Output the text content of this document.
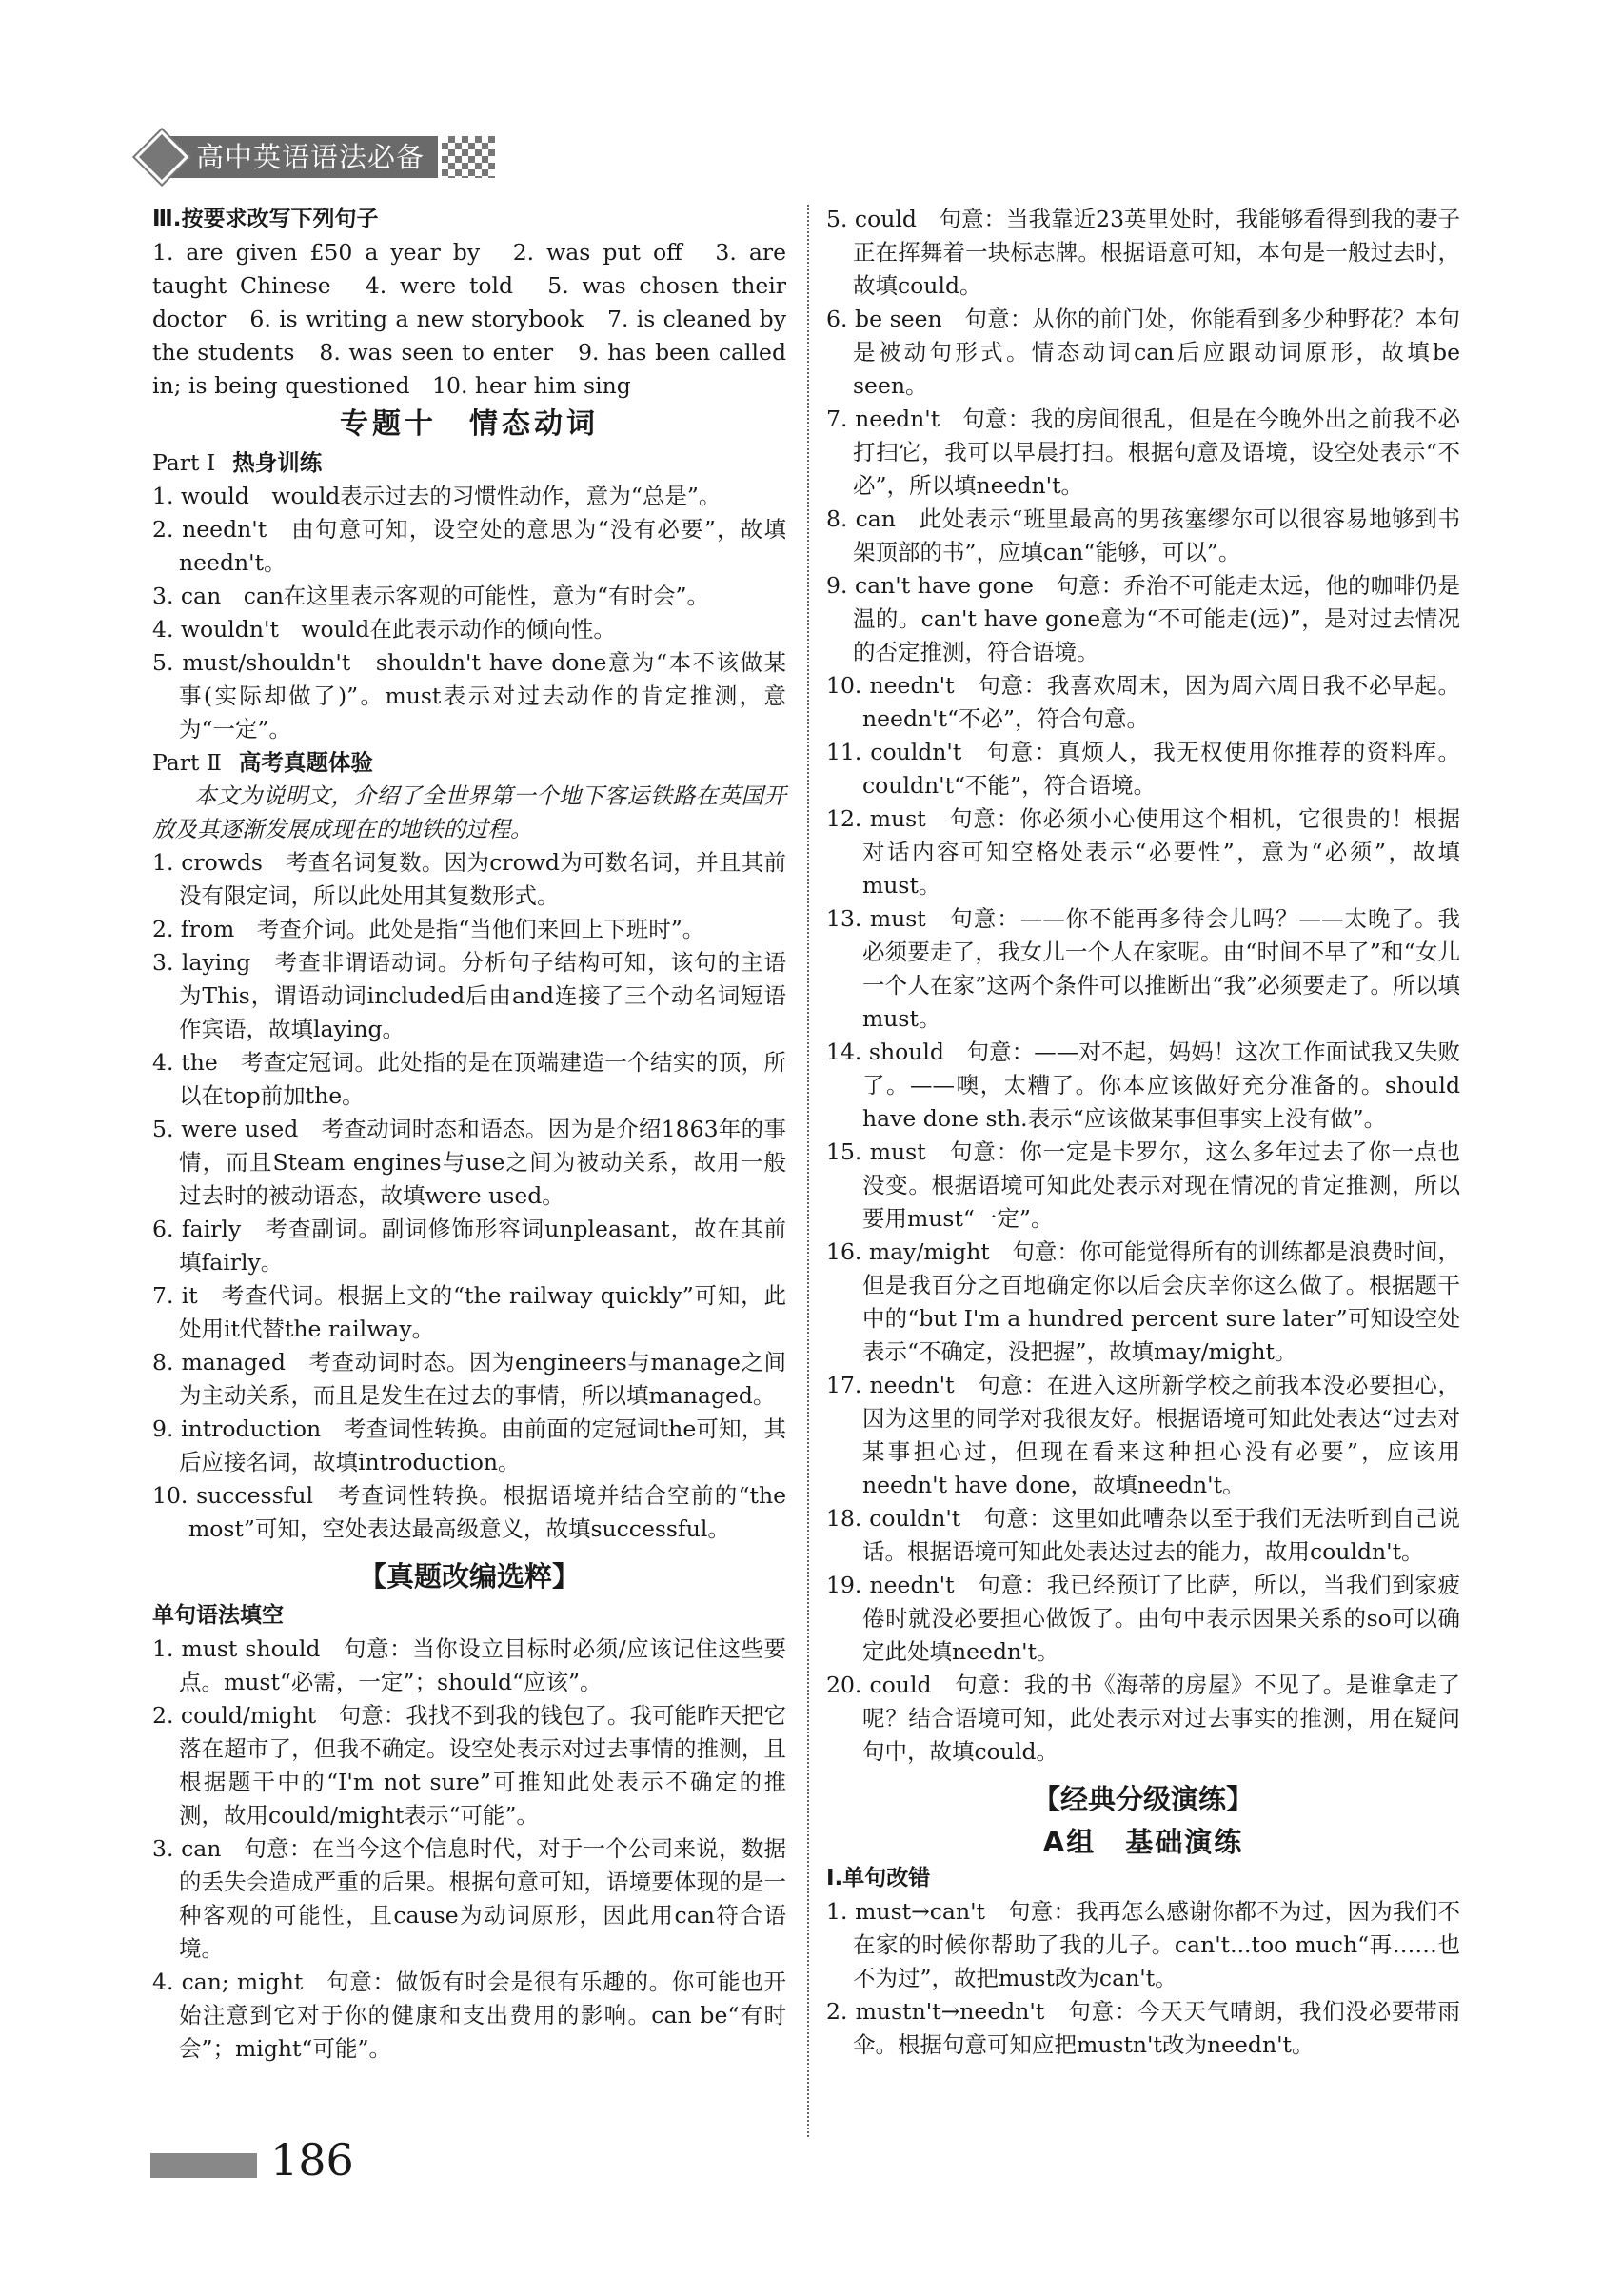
高中英语语法必备

Ⅲ.按要求改写下列句子

1. are given £50 a year by　2. was put off　3. are taught Chinese　4. were told　5. was chosen their doctor　6. is writing a new storybook　7. is cleaned by the students　8. was seen to enter　9. has been called in; is being questioned　10. hear him sing

专题十　情态动词

Part Ⅰ 热身训练

1. would　would表示过去的习惯性动作，意为“总是”。

2. needn't　由句意可知，设空处的意思为“没有必要”，故填needn't。

3. can　can在这里表示客观的可能性，意为“有时会”。

4. wouldn't　would在此表示动作的倾向性。

5. must/shouldn't　shouldn't have done意为“本不该做某事(实际却做了)”。must表示对过去动作的肯定推测，意为“一定”。

Part Ⅱ 高考真题体验

本文为说明文，介绍了全世界第一个地下客运铁路在英国开放及其逐渐发展成现在的地铁的过程。

1. crowds　考查名词复数。因为crowd为可数名词，并且其前没有限定词，所以此处用其复数形式。

2. from　考查介词。此处是指“当他们来回上下班时”。

3. laying　考查非谓语动词。分析句子结构可知，该句的主语为This，谓语动词included后由and连接了三个动名词短语作宾语，故填laying。

4. the　考查定冠词。此处指的是在顶端建造一个结实的顶，所以在top前加the。

5. were used　考查动词时态和语态。因为是介绍1863年的事情，而且Steam engines与use之间为被动关系，故用一般过去时的被动语态，故填were used。

6. fairly　考查副词。副词修饰形容词unpleasant，故在其前填fairly。

7. it　考查代词。根据上文的“the railway quickly”可知，此处用it代替the railway。

8. managed　考查动词时态。因为engineers与manage之间为主动关系，而且是发生在过去的事情，所以填managed。

9. introduction　考查词性转换。由前面的定冠词the可知，其后应接名词，故填introduction。

10. successful　考查词性转换。根据语境并结合空前的“the most”可知，空处表达最高级意义，故填successful。

【真题改编选粹】

单句语法填空

1. must should　句意：当你设立目标时必须/应该记住这些要点。must“必需，一定”；should“应该”。

2. could/might　句意：我找不到我的钱包了。我可能昨天把它落在超市了，但我不确定。设空处表示对过去事情的推测，且根据题干中的“I'm not sure”可推知此处表示不确定的推测，故用could/might表示“可能”。

3. can　句意：在当今这个信息时代，对于一个公司来说，数据的丢失会造成严重的后果。根据句意可知，语境要体现的是一种客观的可能性，且cause为动词原形，因此用can符合语境。

4. can; might　句意：做饭有时会是很有乐趣的。你可能也开始注意到它对于你的健康和支出费用的影响。can be“有时会”；might“可能”。

5. could　句意：当我靠近23英里处时，我能够看得到我的妻子正在挥舞着一块标志牌。根据语意可知，本句是一般过去时，故填could。

6. be seen　句意：从你的前门处，你能看到多少种野花？本句是被动句形式。情态动词can后应跟动词原形，故填be seen。

7. needn't　句意：我的房间很乱，但是在今晚外出之前我不必打扫它，我可以早晨打扫。根据句意及语境，设空处表示“不必”，所以填needn't。

8. can　此处表示“班里最高的男孩塞缪尔可以很容易地够到书架顶部的书”，应填can“能够，可以”。

9. can't have gone　句意：乔治不可能走太远，他的咖啡仍是温的。can't have gone意为“不可能走(远)”，是对过去情况的否定推测，符合语境。

10. needn't　句意：我喜欢周末，因为周六周日我不必早起。needn't“不必”，符合句意。

11. couldn't　句意：真烦人，我无权使用你推荐的资料库。couldn't“不能”，符合语境。

12. must　句意：你必须小心使用这个相机，它很贵的！根据对话内容可知空格处表示“必要性”，意为“必须”，故填must。

13. must　句意：——你不能再多待会儿吗？——太晚了。我必须要走了，我女儿一个人在家呢。由“时间不早了”和“女儿一个人在家”这两个条件可以推断出“我”必须要走了。所以填must。

14. should　句意：——对不起，妈妈！这次工作面试我又失败了。——噢，太糟了。你本应该做好充分准备的。should have done sth.表示“应该做某事但事实上没有做”。

15. must　句意：你一定是卡罗尔，这么多年过去了你一点也没变。根据语境可知此处表示对现在情况的肯定推测，所以要用must“一定”。

16. may/might　句意：你可能觉得所有的训练都是浪费时间，但是我百分之百地确定你以后会庆幸你这么做了。根据题干中的“but I'm a hundred percent sure later”可知设空处表示“不确定，没把握”，故填may/might。

17. needn't　句意：在进入这所新学校之前我本没必要担心，因为这里的同学对我很友好。根据语境可知此处表达“过去对某事担心过，但现在看来这种担心没有必要”，应该用needn't have done，故填needn't。

18. couldn't　句意：这里如此嘈杂以至于我们无法听到自己说话。根据语境可知此处表达过去的能力，故用couldn't。

19. needn't　句意：我已经预订了比萨，所以，当我们到家疲倦时就没必要担心做饭了。由句中表示因果关系的so可以确定此处填needn't。

20. could　句意：我的书《海蒂的房屋》不见了。是谁拿走了呢？结合语境可知，此处表示对过去事实的推测，用在疑问句中，故填could。

【经典分级演练】

A组　基础演练

Ⅰ.单句改错

1. must→can't　句意：我再怎么感谢你都不为过，因为我们不在家的时候你帮助了我的儿子。can't...too much“再……也不为过”，故把must改为can't。

2. mustn't→needn't　句意：今天天气晴朗，我们没必要带雨伞。根据句意可知应把mustn't改为needn't。

186
